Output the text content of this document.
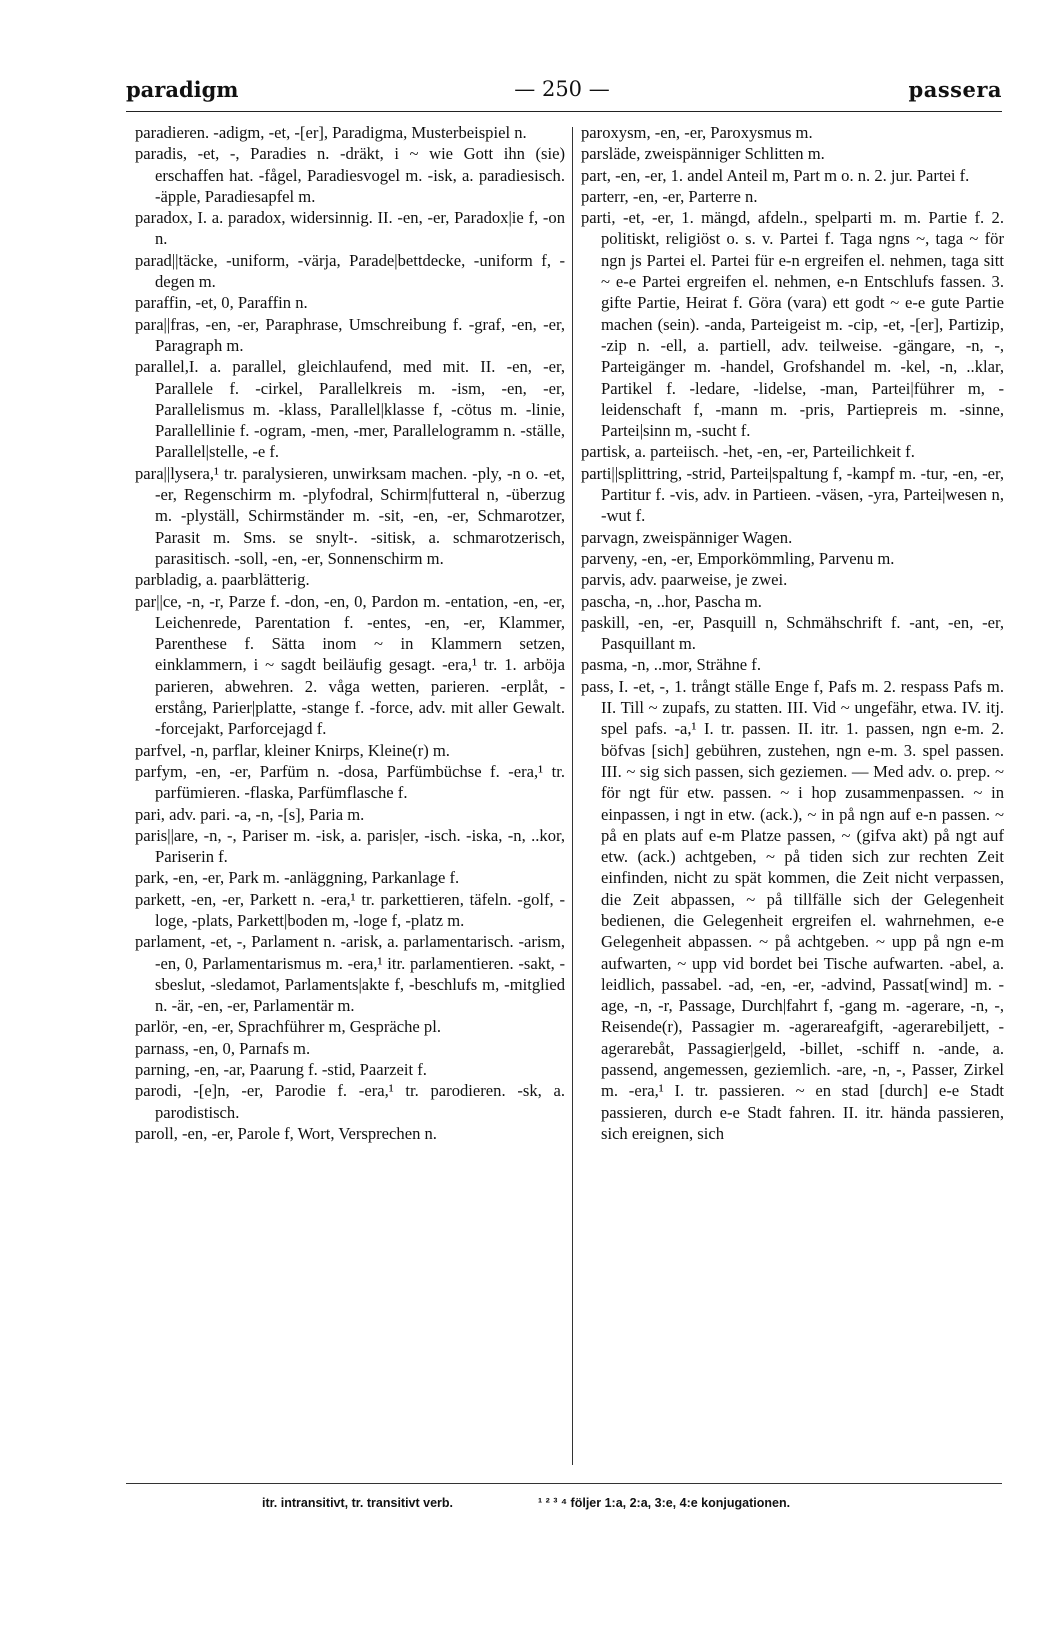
paradigm	— 250 —	passera

paradieren. -adigm, -et, -[er], Paradigma, Musterbeispiel n.

paradis, -et, -, Paradies n. -dräkt, i ~ wie Gott ihn (sie) erschaffen hat. -fågel, Paradiesvogel m. -isk, a. paradiesisch. -äpple, Paradiesapfel m.

paradox, I. a. paradox, widersinnig. II. -en, -er, Paradox|ie f, -on n.

parad||täcke, -uniform, -värja, Parade|bettdecke, -uniform f, -degen m.

paraffin, -et, 0, Paraffin n.

para||fras, -en, -er, Paraphrase, Umschreibung f. -graf, -en, -er, Paragraph m.

parallel,I. a. parallel, gleichlaufend, med mit. II. -en, -er, Parallele f. -cirkel, Parallelkreis m. -ism, -en, -er, Parallelismus m. -klass, Parallel|klasse f, -cötus m. -linie, Parallellinie f. -ogram, -men, -mer, Parallelogramm n. -ställe, Parallel|stelle, -e f.

para||lysera,¹ tr. paralysieren, unwirksam machen. -ply, -n o. -et, -er, Regenschirm m. -plyfodral, Schirm|futteral n, -überzug m. -plyställ, Schirmständer m. -sit, -en, -er, Schmarotzer, Parasit m. Sms. se snylt-. -sitisk, a. schmarotzerisch, parasitisch. -soll, -en, -er, Sonnenschirm m.

parbladig, a. paarblätterig.

par||ce, -n, -r, Parze f. -don, -en, 0, Pardon m. -entation, -en, -er, Leichenrede, Parentation f. -entes, -en, -er, Klammer, Parenthese f. Sätta inom ~ in Klammern setzen, einklammern, i ~ sagdt beiläufig gesagt. -era,¹ tr. 1. arböja parieren, abwehren. 2. våga wetten, parieren. -erplåt, -erstång, Parier|platte, -stange f. -force, adv. mit aller Gewalt. -forcejakt, Parforcejagd f.

parfvel, -n, parflar, kleiner Knirps, Kleine(r) m.

parfym, -en, -er, Parfüm n. -dosa, Parfümbüchse f. -era,¹ tr. parfümieren. -flaska, Parfümflasche f.

pari, adv. pari. -a, -n, -[s], Paria m.

paris||are, -n, -, Pariser m. -isk, a. paris|er, -isch. -iska, -n, ..kor, Pariserin f.

park, -en, -er, Park m. -anläggning, Parkanlage f.

parkett, -en, -er, Parkett n. -era,¹ tr. parkettieren, täfeln. -golf, -loge, -plats, Parkett|boden m, -loge f, -platz m.

parlament, -et, -, Parlament n. -arisk, a. parlamentarisch. -arism, -en, 0, Parlamentarismus m. -era,¹ itr. parlamentieren. -sakt, -sbeslut, -sledamot, Parlaments|akte f, -beschlufs m, -mitglied n. -är, -en, -er, Parlamentär m.

parlör, -en, -er, Sprachführer m, Gespräche pl.

parnass, -en, 0, Parnafs m.

parning, -en, -ar, Paarung f. -stid, Paarzeit f.

parodi, -[e]n, -er, Parodie f. -era,¹ tr. parodieren. -sk, a. parodistisch.

paroll, -en, -er, Parole f, Wort, Versprechen n.

paroxysm, -en, -er, Paroxysmus m.

parsläde, zweispänniger Schlitten m.

part, -en, -er, 1. andel Anteil m, Part m o. n. 2. jur. Partei f.

parterr, -en, -er, Parterre n.

parti, -et, -er, 1. mängd, afdeln., spelparti m. m. Partie f. 2. politiskt, religiöst o. s. v. Partei f. Taga ngns ~, taga ~ för ngn js Partei el. Partei für e-n ergreifen el. nehmen, taga sitt ~ e-e Partei ergreifen el. nehmen, e-n Entschlufs fassen. 3. gifte Partie, Heirat f. Göra (vara) ett godt ~ e-e gute Partie machen (sein). -anda, Parteigeist m. -cip, -et, -[er], Partizip, -zip n. -ell, a. partiell, adv. teilweise. -gängare, -n, -, Parteigänger m. -handel, Grofshandel m. -kel, -n, ..klar, Partikel f. -ledare, -lidelse, -man, Partei|führer m, -leidenschaft f, -mann m. -pris, Partiepreis m. -sinne, Partei|sinn m, -sucht f.

partisk, a. parteiisch. -het, -en, -er, Parteilichkeit f.

parti||splittring, -strid, Partei|spaltung f, -kampf m. -tur, -en, -er, Partitur f. -vis, adv. in Partieen. -väsen, -yra, Partei|wesen n, -wut f.

parvagn, zweispänniger Wagen.

parveny, -en, -er, Emporkömmling, Parvenu m.

parvis, adv. paarweise, je zwei.

pascha, -n, ..hor, Pascha m.

paskill, -en, -er, Pasquill n, Schmähschrift f. -ant, -en, -er, Pasquillant m.

pasma, -n, ..mor, Strähne f.

pass, I. -et, -, 1. trångt ställe Enge f, Pafs m. 2. respass Pafs m. II. Till ~ zupafs, zu statten. III. Vid ~ ungefähr, etwa. IV. itj. spel pafs. -a,¹ I. tr. passen. II. itr. 1. passen, ngn e-m. 2. böfvas [sich] gebühren, zustehen, ngn e-m. 3. spel passen. III. ~ sig sich passen, sich geziemen. — Med adv. o. prep. ~ för ngt für etw. passen. ~ i hop zusammenpassen. ~ in einpassen, i ngt in etw. (ack.), ~ in på ngn auf e-n passen. ~ på en plats auf e-m Platze passen, ~ (gifva akt) på ngt auf etw. (ack.) achtgeben, ~ på tiden sich zur rechten Zeit einfinden, nicht zu spät kommen, die Zeit nicht verpassen, die Zeit abpassen, ~ på tillfälle sich der Gelegenheit bedienen, die Gelegenheit ergreifen el. wahrnehmen, e-e Gelegenheit abpassen. ~ på achtgeben. ~ upp på ngn e-m aufwarten, ~ upp vid bordet bei Tische aufwarten. -abel, a. leidlich, passabel. -ad, -en, -er, -advind, Passat[wind] m. -age, -n, -r, Passage, Durch|fahrt f, -gang m. -agerare, -n, -, Reisende(r), Passagier m. -agerareafgift, -agerarebiljett, -agerarebåt, Passagier|geld, -billet, -schiff n. -ande, a. passend, angemessen, geziemlich. -are, -n, -, Passer, Zirkel m. -era,¹ I. tr. passieren. ~ en stad [durch] e-e Stadt passieren, durch e-e Stadt fahren. II. itr. hända passieren, sich ereignen, sich

itr. intransitivt, tr. transitivt verb.	¹ ² ³ ⁴ följer 1:a, 2:a, 3:e, 4:e konjugationen.
